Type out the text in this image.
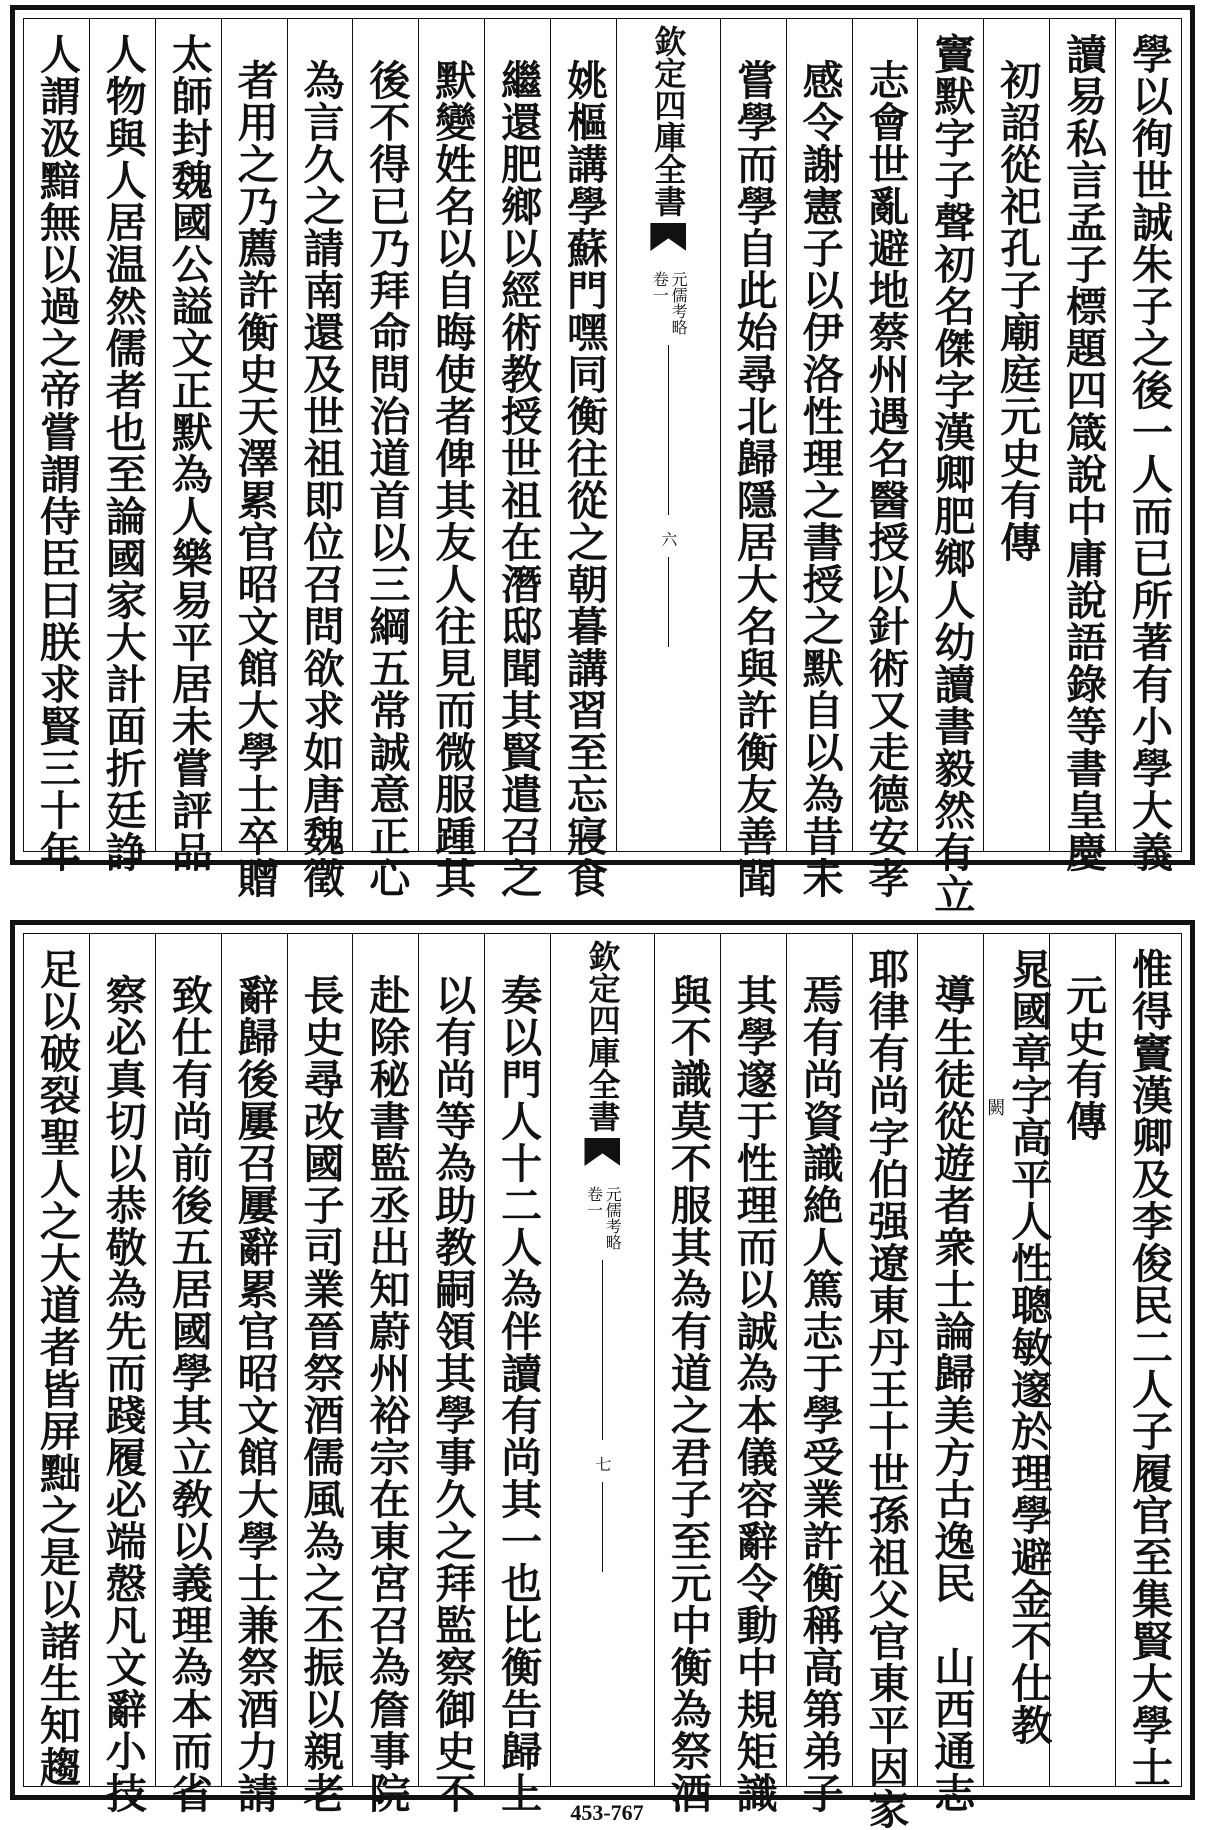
學以徇世誠朱子之後一人而已所著有小學大義
讀易私言孟子標題四箴說中庸說語錄等書皇慶
初詔從祀孔子廟庭元史有傳
竇默字子聲初名傑字漢卿肥鄉人幼讀書毅然有立
志會世亂避地蔡州遇名醫授以針術又走德安孝
感令謝憲子以伊洛性理之書授之默自以為昔未
嘗學而學自此始尋北歸隱居大名與許衡友善聞
欽定四庫全書
元儒考略
卷一
六
姚樞講學蘇門嘿同衡往從之朝暮講習至忘寢食
繼還肥鄉以經術教授世祖在潛邸聞其賢遣召之
默變姓名以自晦使者俾其友人往見而微服踵其
後不得已乃拜命問治道首以三綱五常誠意正心
為言久之請南還及世祖即位召問欲求如唐魏徵
者用之乃薦許衡史天澤累官昭文館大學士卒贈
太師封魏國公謚文正默為人樂易平居未嘗評品
人物與人居温然儒者也至論國家大計面折廷諍
人謂汲黯無以過之帝嘗謂侍臣曰朕求賢三十年
惟得竇漢卿及李俊民二人子履官至集賢大學士
元史有傳
晁國章字高平人性聰敏邃於理學避金不仕教
闕
導生徒從遊者衆士論歸美方古逸民　山西通志
耶律有尚字伯强遼東丹王十世孫祖父官東平因家
焉有尚資識絶人篤志于學受業許衡稱高第弟子
其學邃于性理而以誠為本儀容辭令動中規矩識
與不識莫不服其為有道之君子至元中衡為祭酒
欽定四庫全書
元儒考略
卷一
七
奏以門人十二人為伴讀有尚其一也比衡告歸上
以有尚等為助教嗣領其學事久之拜監察御史不
赴除秘書監丞出知蔚州裕宗在東宮召為詹事院
長史尋改國子司業晉祭酒儒風為之丕振以親老
辭歸後屢召屢辭累官昭文館大學士兼祭酒力請
致仕有尚前後五居國學其立敎以義理為本而省
察必真切以恭敬為先而踐履必端慤凡文辭小技
足以破裂聖人之大道者皆屏黜之是以諸生知趨
453-767
